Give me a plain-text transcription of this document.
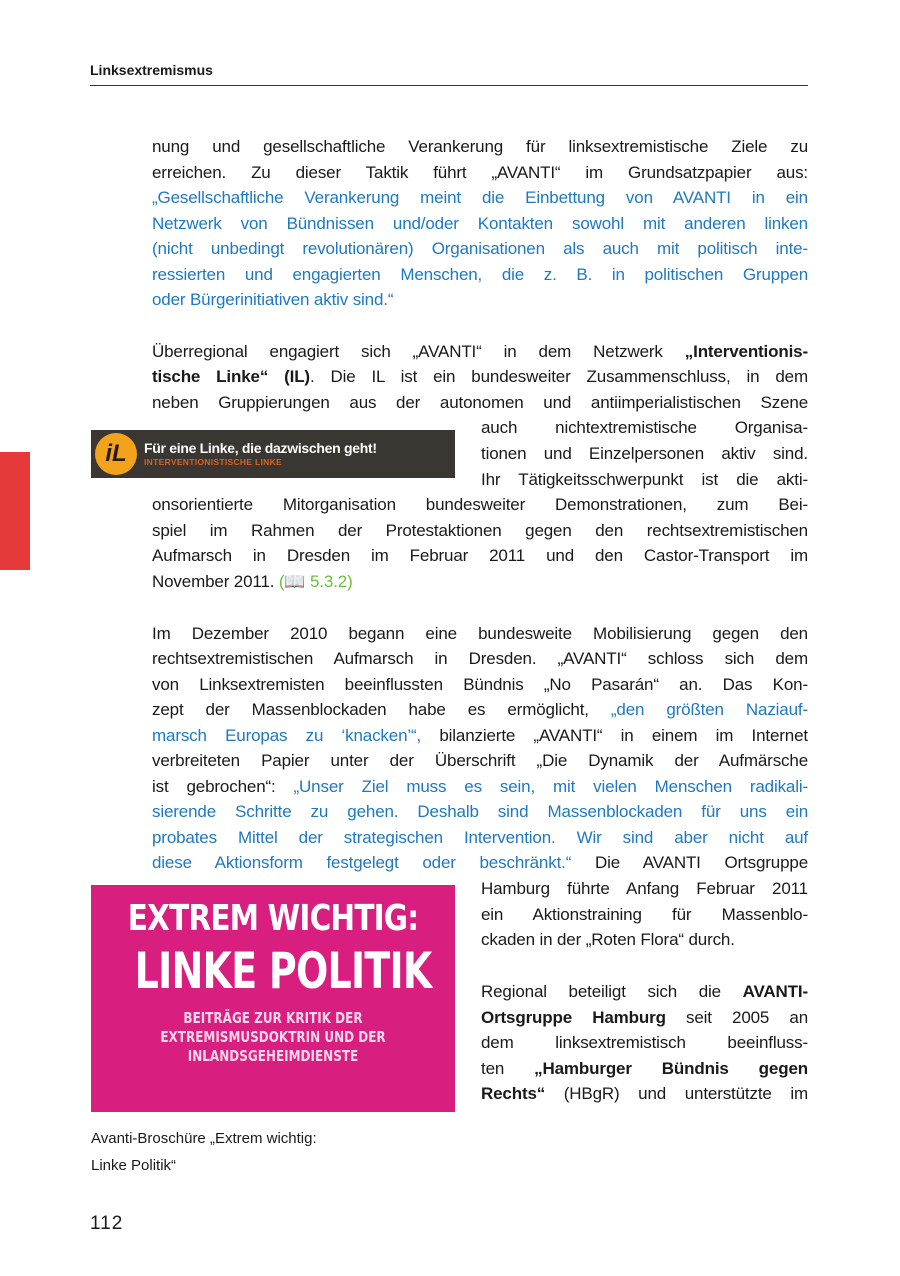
Linksextremismus
nung und gesellschaftliche Verankerung für linksextremistische Ziele zu
erreichen. Zu dieser Taktik führt „AVANTI“ im Grundsatzpapier aus:
„Gesellschaftliche Verankerung meint die Einbettung von AVANTI in ein
Netzwerk von Bündnissen und/oder Kontakten sowohl mit anderen linken
(nicht unbedingt revolutionären) Organisationen als auch mit politisch inte-
ressierten und engagierten Menschen, die z. B. in politischen Gruppen
oder Bürgerinitiativen aktiv sind.“
Überregional engagiert sich „AVANTI“ in dem Netzwerk „Interventionis-
tische Linke“ (IL). Die IL ist ein bundesweiter Zusammenschluss, in dem
neben Gruppierungen aus der autonomen und antiimperialistischen Szene
auch nichtextremistische Organisa-
tionen und Einzelpersonen aktiv sind.
Ihr Tätigkeitsschwerpunkt ist die akti-
onsorientierte Mitorganisation bundesweiter Demonstrationen, zum Bei-
spiel im Rahmen der Protestaktionen gegen den rechtsextremistischen
Aufmarsch in Dresden im Februar 2011 und den Castor-Transport im
November 2011. (📖 5.3.2)
Im Dezember 2010 begann eine bundesweite Mobilisierung gegen den
rechtsextremistischen Aufmarsch in Dresden. „AVANTI“ schloss sich dem
von Linksextremisten beeinflussten Bündnis „No Pasarán“ an. Das Kon-
zept der Massenblockaden habe es ermöglicht, „den größten Naziauf-
marsch Europas zu ‘knacken’“, bilanzierte „AVANTI“ in einem im Internet
verbreiteten Papier unter der Überschrift „Die Dynamik der Aufmärsche
ist gebrochen“: „Unser Ziel muss es sein, mit vielen Menschen radikali-
sierende Schritte zu gehen. Deshalb sind Massenblockaden für uns ein
probates Mittel der strategischen Intervention. Wir sind aber nicht auf
diese Aktionsform festgelegt oder beschränkt.“ Die AVANTI Ortsgruppe
Hamburg führte Anfang Februar 2011
ein Aktionstraining für Massenblo-
ckaden in der „Roten Flora“ durch.
Regional beteiligt sich die AVANTI-
Ortsgruppe Hamburg seit 2005 an
dem linksextremistisch beeinfluss-
ten „Hamburger Bündnis gegen
Rechts“ (HBgR) und unterstützte im
iL	Für eine Linke, die dazwischen geht!
INTERVENTIONISTISCHE LINKE
EXTREM WICHTIG:
LINKE POLITIK
BEITRÄGE ZUR KRITIK DER
EXTREMISMUSDOKTRIN UND DER
INLANDSGEHEIMDIENSTE
Avanti-Broschüre „Extrem wichtig:
Linke Politik“
112
